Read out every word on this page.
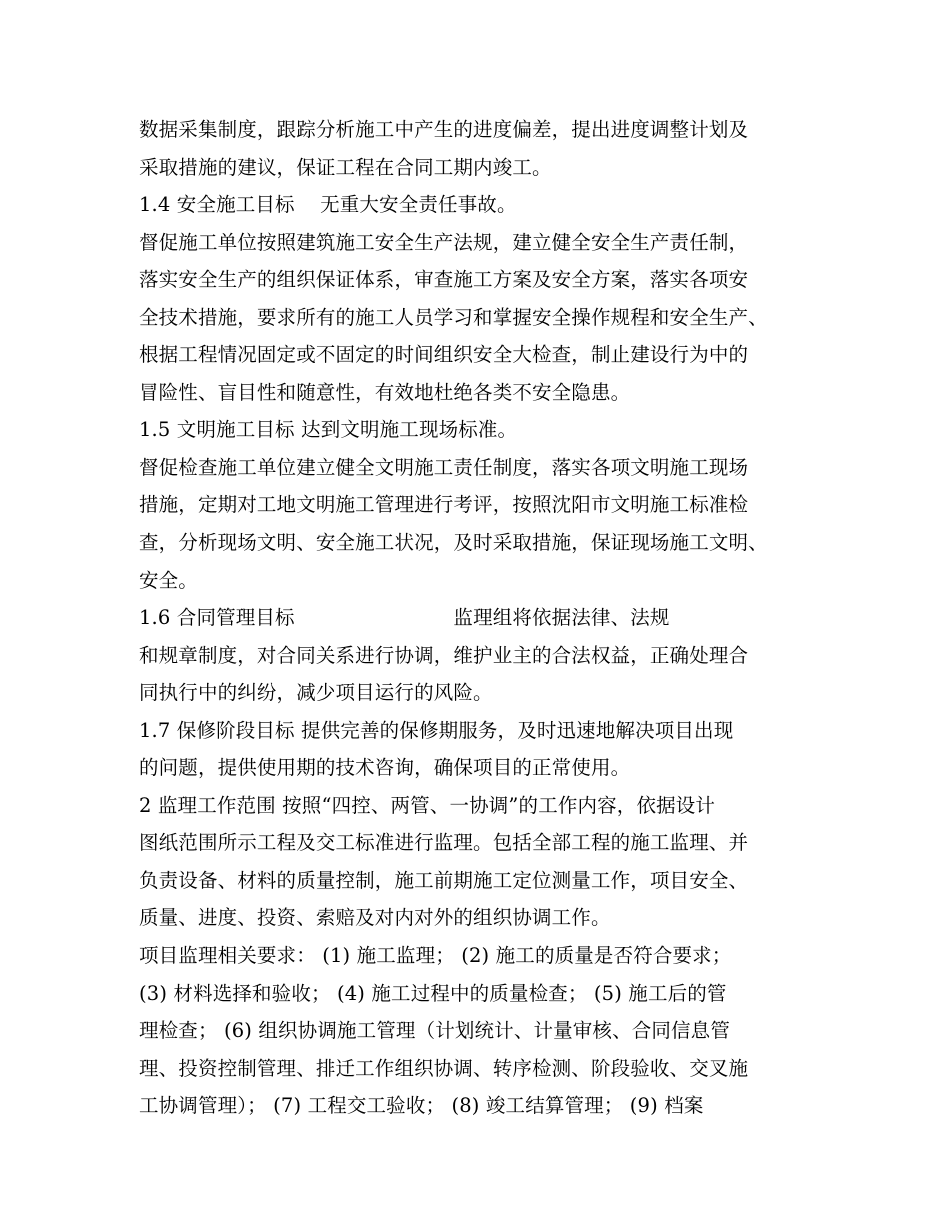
数据采集制度，跟踪分析施工中产生的进度偏差，提出进度调整计划及
采取措施的建议，保证工程在合同工期内竣工。
1.4 安全施工目标    无重大安全责任事故。
督促施工单位按照建筑施工安全生产法规，建立健全安全生产责任制，
落实安全生产的组织保证体系，审查施工方案及安全方案，落实各项安
全技术措施，要求所有的施工人员学习和掌握安全操作规程和安全生产、
根据工程情况固定或不固定的时间组织安全大检查，制止建设行为中的
冒险性、盲目性和随意性，有效地杜绝各类不安全隐患。
1.5 文明施工目标 达到文明施工现场标准。
督促检查施工单位建立健全文明施工责任制度，落实各项文明施工现场
措施，定期对工地文明施工管理进行考评，按照沈阳市文明施工标准检
查，分析现场文明、安全施工状况，及时采取措施，保证现场施工文明、
安全。
1.6 合同管理目标                         监理组将依据法律、法规
和规章制度，对合同关系进行协调，维护业主的合法权益，正确处理合
同执行中的纠纷，减少项目运行的风险。
1.7 保修阶段目标 提供完善的保修期服务，及时迅速地解决项目出现
的问题，提供使用期的技术咨询，确保项目的正常使用。
2 监理工作范围 按照“四控、两管、一协调”的工作内容，依据设计
图纸范围所示工程及交工标准进行监理。包括全部工程的施工监理、并
负责设备、材料的质量控制，施工前期施工定位测量工作，项目安全、
质量、进度、投资、索赔及对内对外的组织协调工作。
项目监理相关要求： (1) 施工监理； (2) 施工的质量是否符合要求；
(3) 材料选择和验收； (4) 施工过程中的质量检查； (5) 施工后的管
理检查； (6) 组织协调施工管理（计划统计、计量审核、合同信息管
理、投资控制管理、排迁工作组织协调、转序检测、阶段验收、交叉施
工协调管理）； (7) 工程交工验收； (8) 竣工结算管理； (9) 档案
